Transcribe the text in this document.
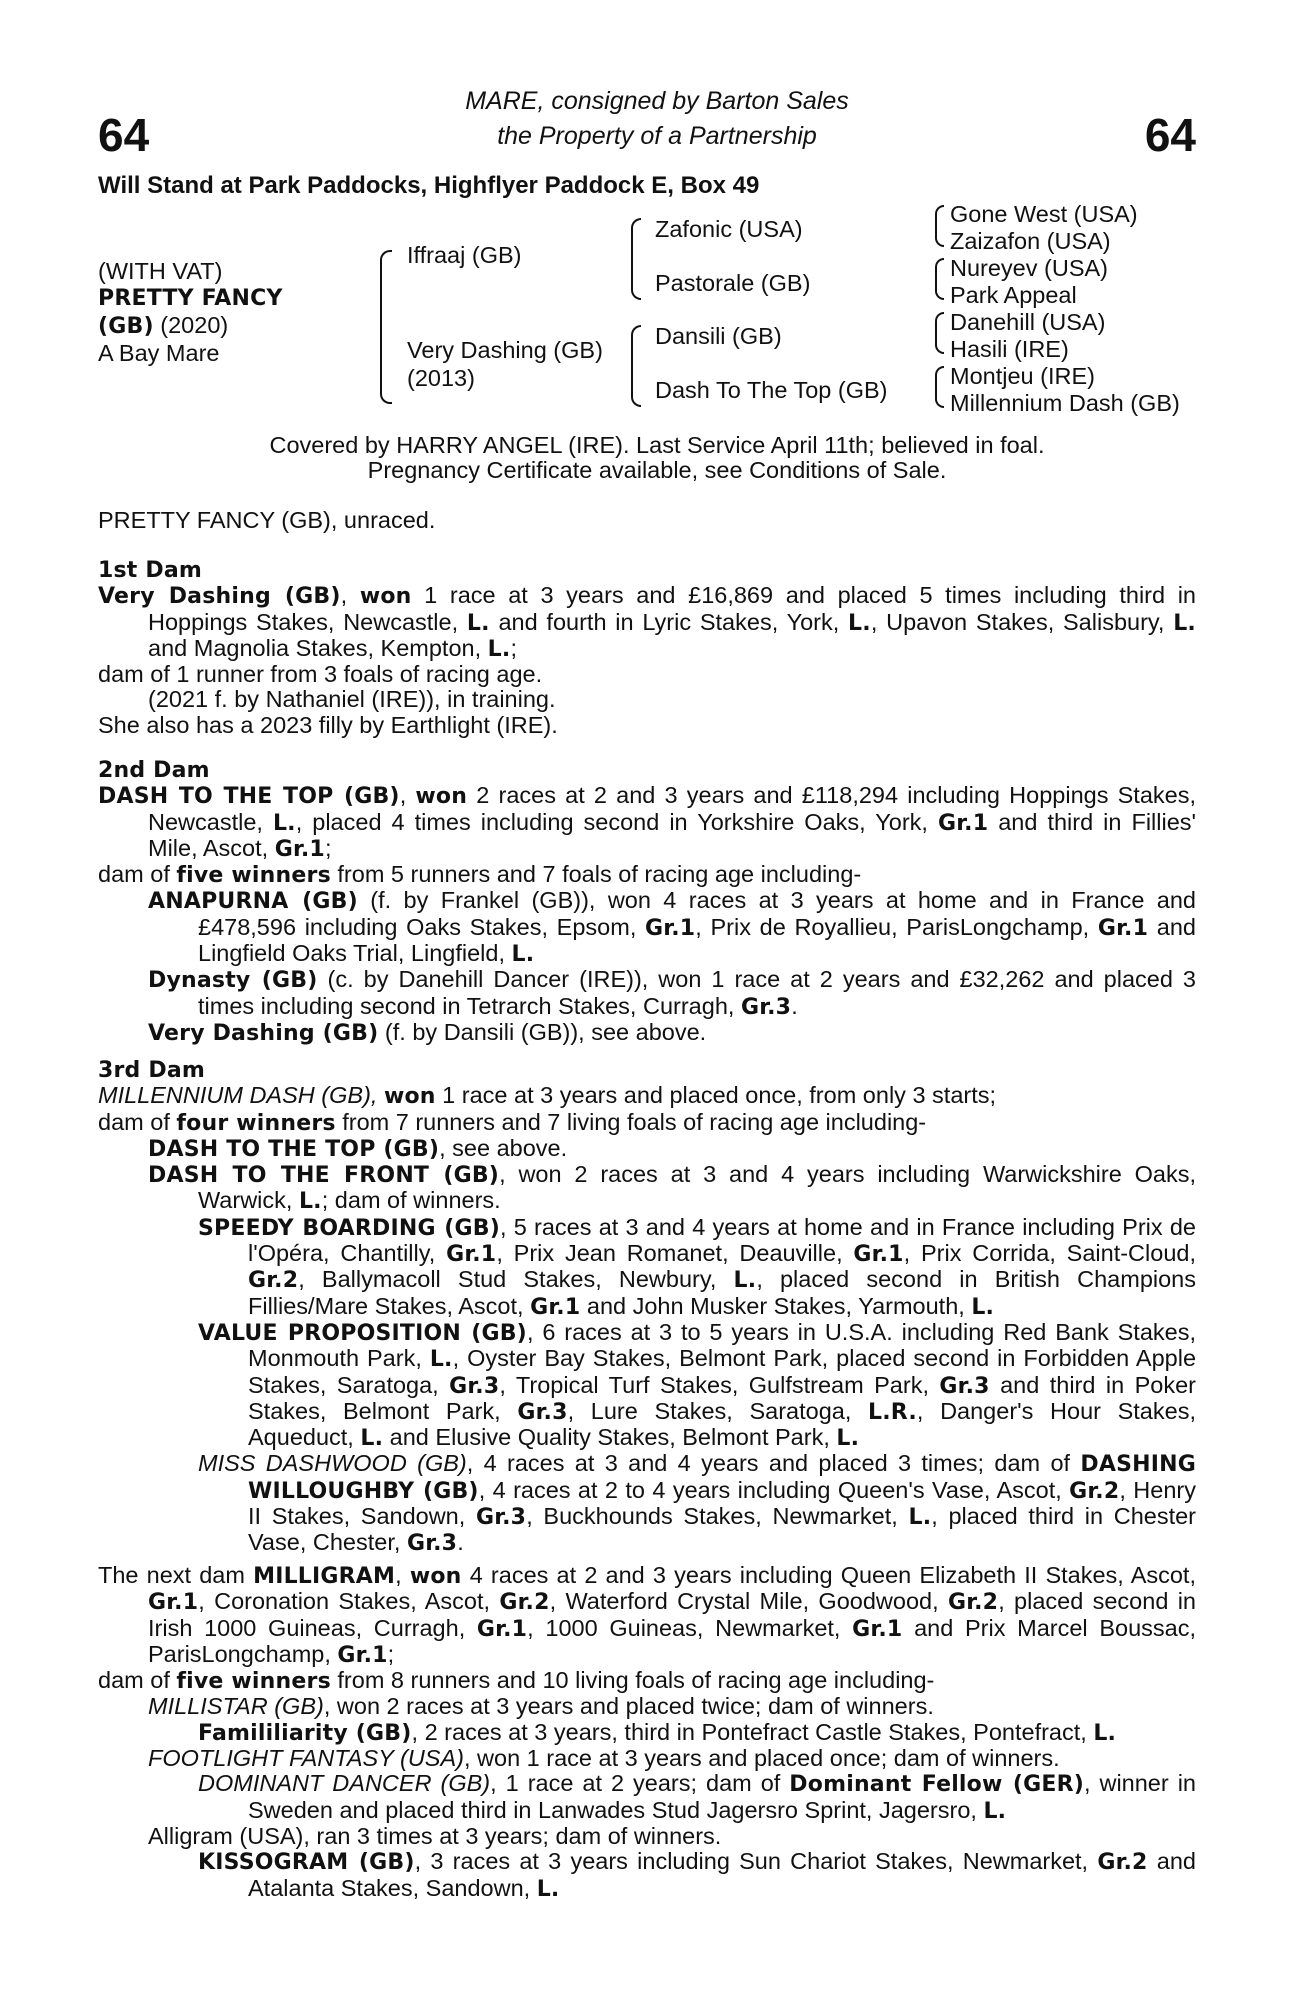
MARE, consigned by Barton Sales
the Property of a Partnership
64	64
Will Stand at Park Paddocks, Highflyer Paddock E, Box 49
(WITH VAT)
PRETTY FANCY
(GB) (2020)
A Bay Mare
Iffraaj (GB)
Very Dashing (GB)
(2013)
Zafonic (USA)
Pastorale (GB)
Dansili (GB)
Dash To The Top (GB)
Gone West (USA)
Zaizafon (USA)
Nureyev (USA)
Park Appeal
Danehill (USA)
Hasili (IRE)
Montjeu (IRE)
Millennium Dash (GB)
Covered by HARRY ANGEL (IRE). Last Service April 11th; believed in foal.
Pregnancy Certificate available, see Conditions of Sale.

PRETTY FANCY (GB), unraced.

1st Dam

Very Dashing (GB), won 1 race at 3 years and £16,869 and placed 5 times including third in Hoppings Stakes, Newcastle, L. and fourth in Lyric Stakes, York, L., Upavon Stakes, Salisbury, L. and Magnolia Stakes, Kempton, L.;

dam of 1 runner from 3 foals of racing age.

(2021 f. by Nathaniel (IRE)), in training.

She also has a 2023 filly by Earthlight (IRE).

2nd Dam

DASH TO THE TOP (GB), won 2 races at 2 and 3 years and £118,294 including Hoppings Stakes, Newcastle, L., placed 4 times including second in Yorkshire Oaks, York, Gr.1 and third in Fillies' Mile, Ascot, Gr.1;

dam of five winners from 5 runners and 7 foals of racing age including-

ANAPURNA (GB) (f. by Frankel (GB)), won 4 races at 3 years at home and in France and £478,596 including Oaks Stakes, Epsom, Gr.1, Prix de Royallieu, ParisLongchamp, Gr.1 and Lingfield Oaks Trial, Lingfield, L.

Dynasty (GB) (c. by Danehill Dancer (IRE)), won 1 race at 2 years and £32,262 and placed 3 times including second in Tetrarch Stakes, Curragh, Gr.3.

Very Dashing (GB) (f. by Dansili (GB)), see above.

3rd Dam

MILLENNIUM DASH (GB), won 1 race at 3 years and placed once, from only 3 starts;

dam of four winners from 7 runners and 7 living foals of racing age including-

DASH TO THE TOP (GB), see above.

DASH TO THE FRONT (GB), won 2 races at 3 and 4 years including Warwickshire Oaks, Warwick, L.; dam of winners.

SPEEDY BOARDING (GB), 5 races at 3 and 4 years at home and in France including Prix de l'Opéra, Chantilly, Gr.1, Prix Jean Romanet, Deauville, Gr.1, Prix Corrida, Saint-Cloud, Gr.2, Ballymacoll Stud Stakes, Newbury, L., placed second in British Champions Fillies/Mare Stakes, Ascot, Gr.1 and John Musker Stakes, Yarmouth, L.

VALUE PROPOSITION (GB), 6 races at 3 to 5 years in U.S.A. including Red Bank Stakes, Monmouth Park, L., Oyster Bay Stakes, Belmont Park, placed second in Forbidden Apple Stakes, Saratoga, Gr.3, Tropical Turf Stakes, Gulfstream Park, Gr.3 and third in Poker Stakes, Belmont Park, Gr.3, Lure Stakes, Saratoga, L.R., Danger's Hour Stakes, Aqueduct, L. and Elusive Quality Stakes, Belmont Park, L.

MISS DASHWOOD (GB), 4 races at 3 and 4 years and placed 3 times; dam of DASHING WILLOUGHBY (GB), 4 races at 2 to 4 years including Queen's Vase, Ascot, Gr.2, Henry II Stakes, Sandown, Gr.3, Buckhounds Stakes, Newmarket, L., placed third in Chester Vase, Chester, Gr.3.

The next dam MILLIGRAM, won 4 races at 2 and 3 years including Queen Elizabeth II Stakes, Ascot, Gr.1, Coronation Stakes, Ascot, Gr.2, Waterford Crystal Mile, Goodwood, Gr.2, placed second in Irish 1000 Guineas, Curragh, Gr.1, 1000 Guineas, Newmarket, Gr.1 and Prix Marcel Boussac, ParisLongchamp, Gr.1;

dam of five winners from 8 runners and 10 living foals of racing age including-

MILLISTAR (GB), won 2 races at 3 years and placed twice; dam of winners.

Famililiarity (GB), 2 races at 3 years, third in Pontefract Castle Stakes, Pontefract, L.

FOOTLIGHT FANTASY (USA), won 1 race at 3 years and placed once; dam of winners.

DOMINANT DANCER (GB), 1 race at 2 years; dam of Dominant Fellow (GER), winner in Sweden and placed third in Lanwades Stud Jagersro Sprint, Jagersro, L.

Alligram (USA), ran 3 times at 3 years; dam of winners.

KISSOGRAM (GB), 3 races at 3 years including Sun Chariot Stakes, Newmarket, Gr.2 and Atalanta Stakes, Sandown, L.
